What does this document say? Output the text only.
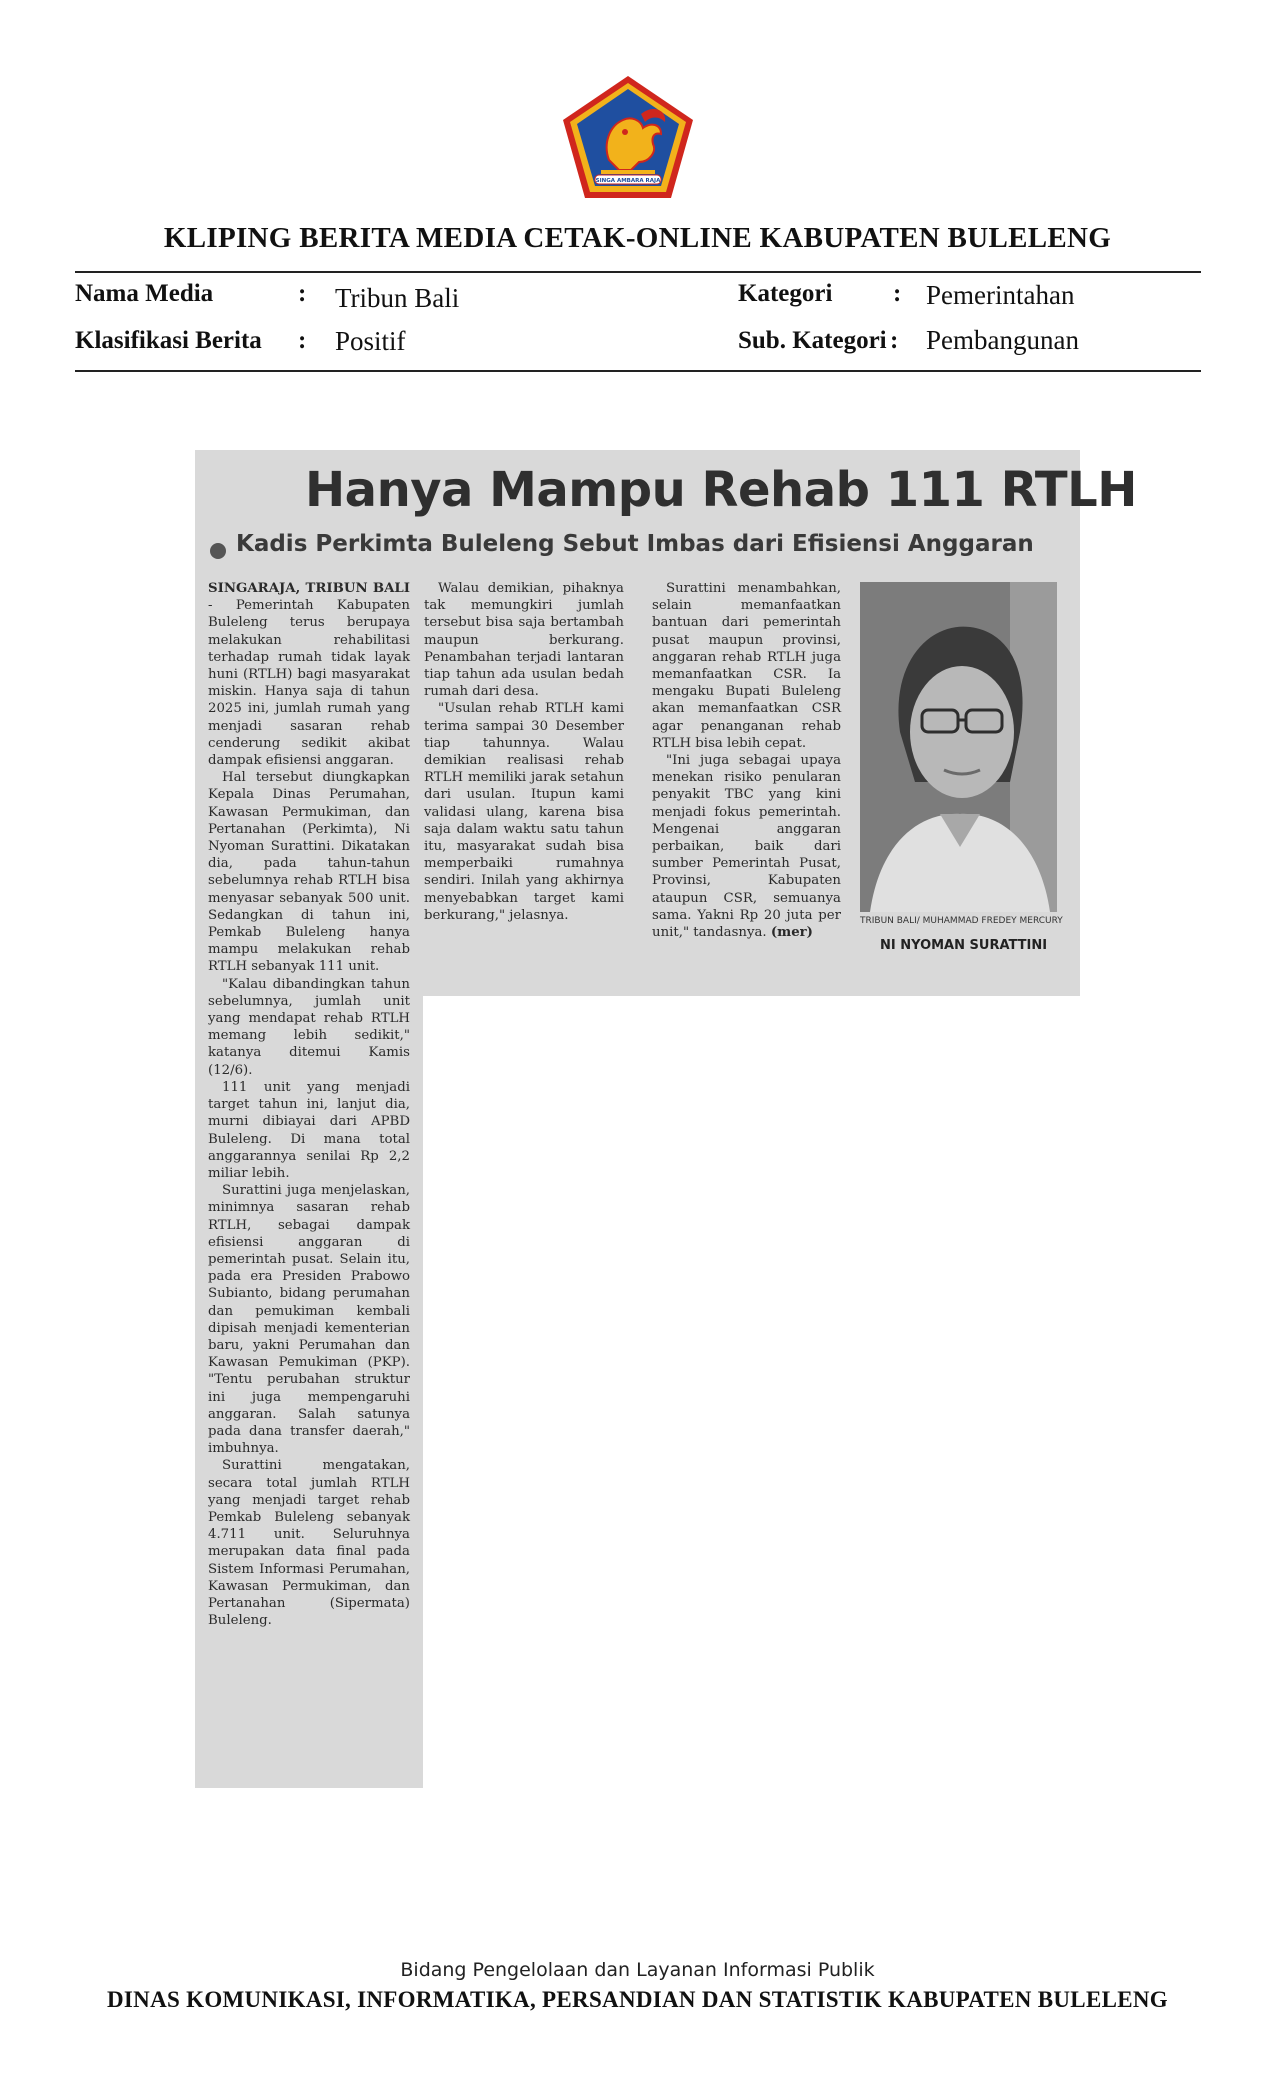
SINGA AMBARA RAJA
KLIPING BERITA MEDIA CETAK-ONLINE KABUPATEN BULELENG
Nama Media	: Tribun Bali
Klasifikasi Berita : Positif
Kategori : Pemerintahan
Sub. Kategori : Pembangunan
Hanya Mampu Rehab 111 RTLH
Kadis Perkimta Buleleng Sebut Imbas dari Efisiensi Anggaran

SINGARAJA, TRIBUN BALI - Pemerintah Kabupaten Buleleng terus berupaya melakukan rehabilitasi terhadap rumah tidak layak huni (RTLH) bagi masyarakat miskin. Hanya saja di tahun 2025 ini, jumlah rumah yang menjadi sasaran rehab cenderung sedikit akibat dampak efisiensi anggaran.

Hal tersebut diungkapkan Kepala Dinas Perumahan, Kawasan Permukiman, dan Pertanahan (Perkimta), Ni Nyoman Surattini. Dikatakan dia, pada tahun-tahun sebelumnya rehab RTLH bisa menyasar sebanyak 500 unit. Sedangkan di tahun ini, Pemkab Buleleng hanya mampu melakukan rehab RTLH sebanyak 111 unit.

"Kalau dibandingkan tahun sebelumnya, jumlah unit yang mendapat rehab RTLH memang lebih sedikit," katanya ditemui Kamis (12/6).

111 unit yang menjadi target tahun ini, lanjut dia, murni dibiayai dari APBD Buleleng. Di mana total anggarannya senilai Rp 2,2 miliar lebih.

Surattini juga menjelaskan, minimnya sasaran rehab RTLH, sebagai dampak efisiensi anggaran di pemerintah pusat. Selain itu, pada era Presiden Prabowo Subianto, bidang perumahan dan pemukiman kembali dipisah menjadi kementerian baru, yakni Perumahan dan Kawasan Pemukiman (PKP). "Tentu perubahan struktur ini juga mempengaruhi anggaran. Salah satunya pada dana transfer daerah," imbuhnya.

Surattini mengatakan, secara total jumlah RTLH yang menjadi target rehab Pemkab Buleleng sebanyak 4.711 unit. Seluruhnya merupakan data final pada Sistem Informasi Perumahan, Kawasan Permukiman, dan Pertanahan (Sipermata) Buleleng.

Walau demikian, pihaknya tak memungkiri jumlah tersebut bisa saja bertambah maupun berkurang. Penambahan terjadi lantaran tiap tahun ada usulan bedah rumah dari desa.

"Usulan rehab RTLH kami terima sampai 30 Desember tiap tahunnya. Walau demikian realisasi rehab RTLH memiliki jarak setahun dari usulan. Itupun kami validasi ulang, karena bisa saja dalam waktu satu tahun itu, masyarakat sudah bisa memperbaiki rumahnya sendiri. Inilah yang akhirnya menyebabkan target kami berkurang," jelasnya.

Surattini menambahkan, selain memanfaatkan bantuan dari pemerintah pusat maupun provinsi, anggaran rehab RTLH juga memanfaatkan CSR. Ia mengaku Bupati Buleleng akan memanfaatkan CSR agar penanganan rehab RTLH bisa lebih cepat.

"Ini juga sebagai upaya menekan risiko penularan penyakit TBC yang kini menjadi fokus pemerintah. Mengenai anggaran perbaikan, baik dari sumber Pemerintah Pusat, Provinsi, Kabupaten ataupun CSR, semuanya sama. Yakni Rp 20 juta per unit," tandasnya. (mer)

TRIBUN BALI/ MUHAMMAD FREDEY MERCURY
NI NYOMAN SURATTINI
Bidang Pengelolaan dan Layanan Informasi Publik
DINAS KOMUNIKASI, INFORMATIKA, PERSANDIAN DAN STATISTIK KABUPATEN BULELENG
